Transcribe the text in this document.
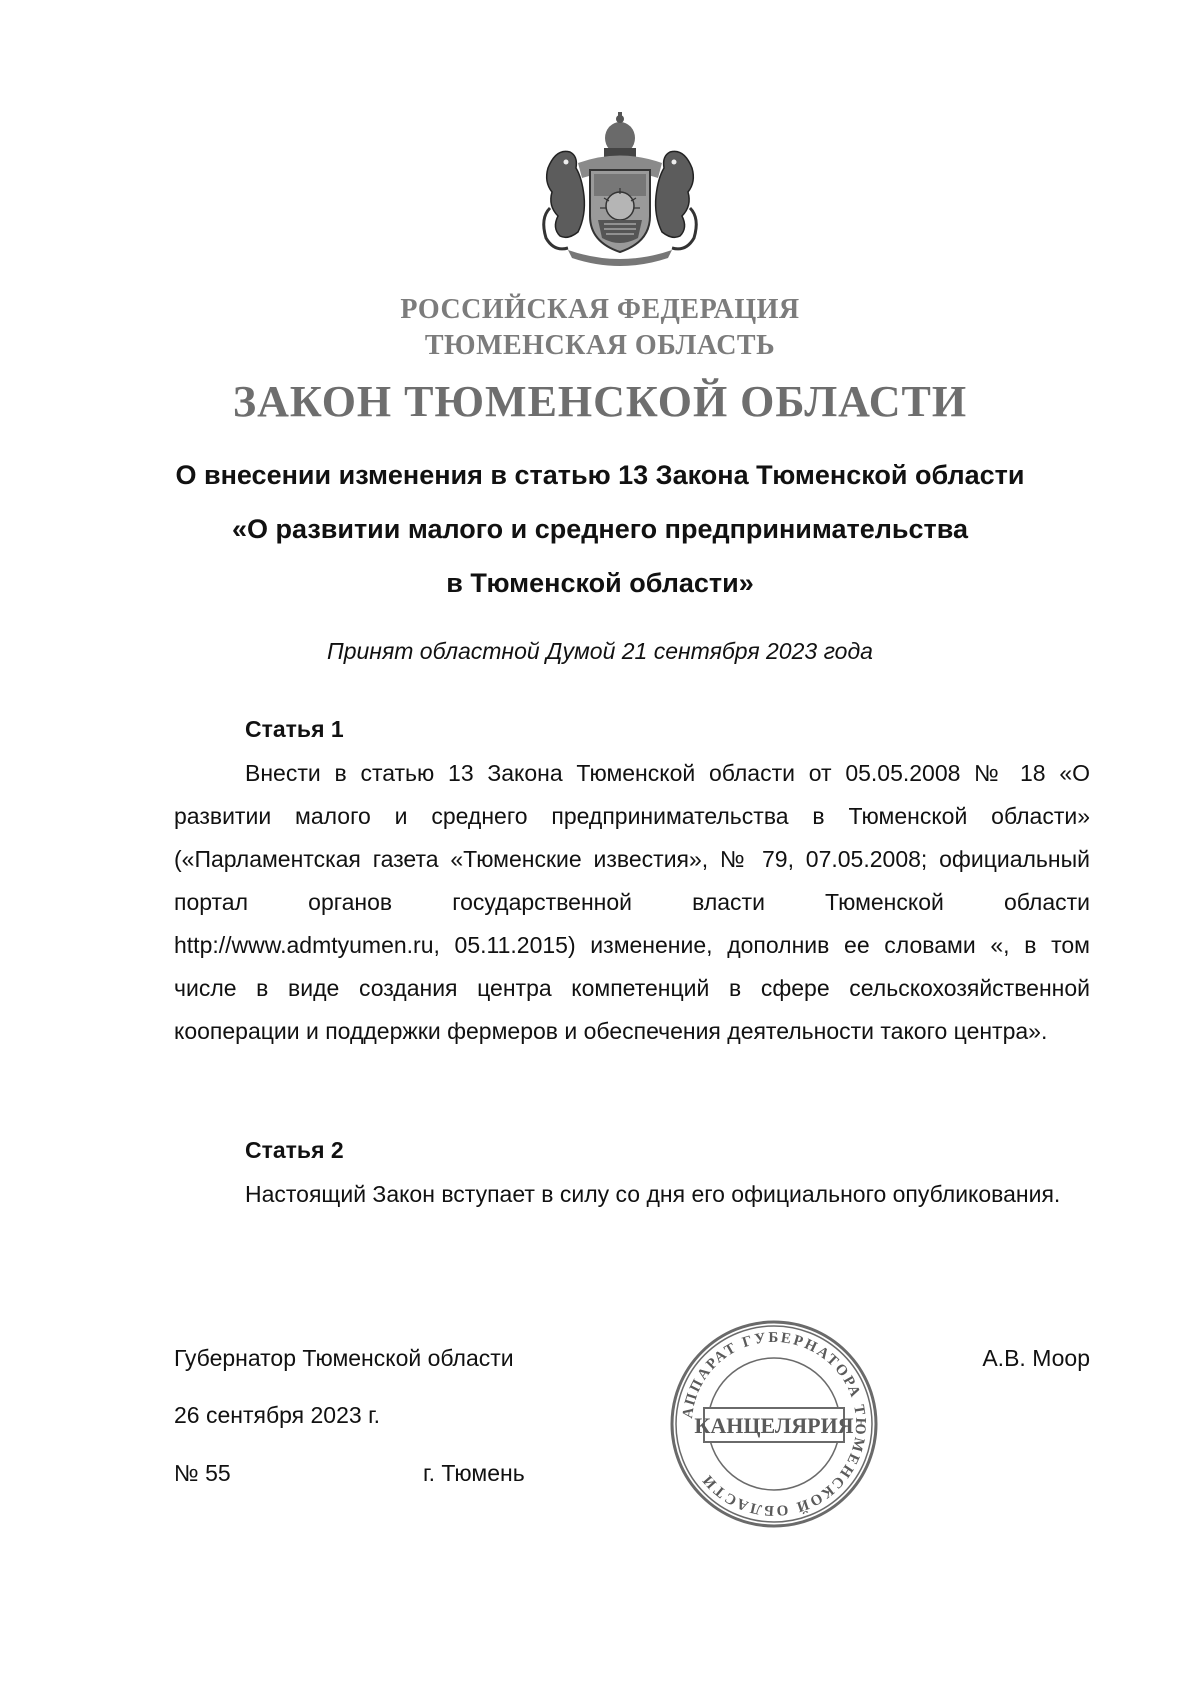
РОССИЙСКАЯ ФЕДЕРАЦИЯ
ТЮМЕНСКАЯ ОБЛАСТЬ
ЗАКОН ТЮМЕНСКОЙ ОБЛАСТИ
О внесении изменения в статью 13 Закона Тюменской области
«О развитии малого и среднего предпринимательства
в Тюменской области»
Принят областной Думой 21 сентября 2023 года
Статья 1

Внести в статью 13 Закона Тюменской области от 05.05.2008 № 18 «О развитии малого и среднего предпринимательства в Тюменской области» («Парламентская газета «Тюменские известия», № 79, 07.05.2008; официальный портал органов государственной власти Тюменской области http://www.admtyumen.ru, 05.11.2015) изменение, дополнив ее словами «, в том числе в виде создания центра компетенций в сфере сельскохозяйственной кооперации и поддержки фермеров и обеспечения деятельности такого центра».

Статья 2

Настоящий Закон вступает в силу со дня его официального опубликования.

Губернатор Тюменской области
26 сентября 2023 г.
№ 55	г. Тюмень
А.В. Моор
АППАРАТ ГУБЕРНАТОРА ТЮМЕНСКОЙ ОБЛАСТИ
КАНЦЕЛЯРИЯ
